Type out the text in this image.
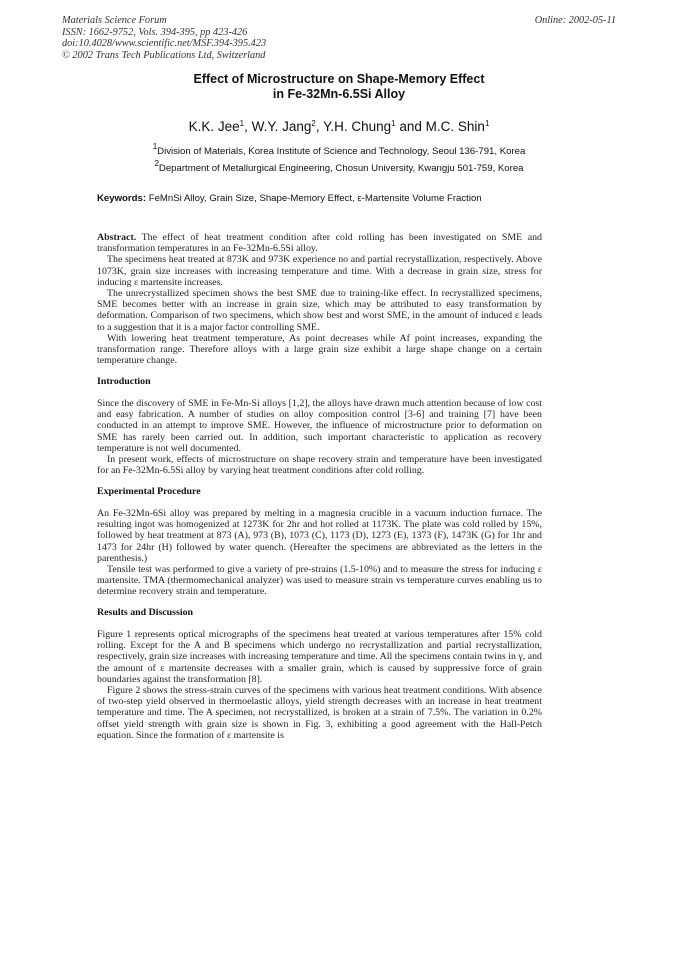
Materials Science Forum
ISSN: 1662-9752, Vols. 394-395, pp 423-426
doi:10.4028/www.scientific.net/MSF.394-395.423
© 2002 Trans Tech Publications Ltd, Switzerland
Online: 2002-05-11
Effect of Microstructure on Shape-Memory Effect
in Fe-32Mn-6.5Si Alloy
K.K. Jee$^1$, W.Y. Jang$^2$, Y.H. Chung$^1$ and M.C. Shin$^1$
$^1$Division of Materials, Korea Institute of Science and Technology, Seoul 136-791, Korea
$^2$Department of Metallurgical Engineering, Chosun University, Kwangju 501-759, Korea
Keywords: FeMnSi Alloy, Grain Size, Shape-Memory Effect, ε-Martensite Volume Fraction

Abstract. The effect of heat treatment condition after cold rolling has been investigated on SME and transformation temperatures in an Fe-32Mn-6.5Si alloy.

The specimens heat treated at 873K and 973K experience no and partial recrystallization, respectively. Above 1073K, grain size increases with increasing temperature and time. With a decrease in grain size, stress for inducing ε martensite increases.

The unrecrystallized specimen shows the best SME due to training-like effect. In recrystallized specimens, SME becomes better with an increase in grain size, which may be attributed to easy transformation by deformation. Comparison of two specimens, which show best and worst SME, in the amount of induced ε leads to a suggestion that it is a major factor controlling SME.

With lowering heat treatment temperature, As point decreases while Af point increases, expanding the transformation range. Therefore alloys with a large grain size exhibit a large shape change on a certain temperature change.

Introduction

Since the discovery of SME in Fe-Mn-Si alloys [1,2], the alloys have drawn much attention because of low cost and easy fabrication. A number of studies on alloy composition control [3-6] and training [7] have been conducted in an attempt to improve SME. However, the influence of microstructure prior to deformation on SME has rarely been carried out. In addition, such important characteristic to application as recovery temperature is not well documented.

In present work, effects of microstructure on shape recovery strain and temperature have been investigated for an Fe-32Mn-6.5Si alloy by varying heat treatment conditions after cold rolling.

Experimental Procedure

An Fe-32Mn-6Si alloy was prepared by melting in a magnesia crucible in a vacuum induction furnace. The resulting ingot was homogenized at 1273K for 2hr and hot rolled at 1173K. The plate was cold rolled by 15%, followed by heat treatment at 873 (A), 973 (B), 1073 (C), 1173 (D), 1273 (E), 1373 (F), 1473K (G) for 1hr and 1473 for 24hr (H) followed by water quench. (Hereafter the specimens are abbreviated as the letters in the parenthesis.)

Tensile test was performed to give a variety of pre-strains (1.5-10%) and to measure the stress for inducing ε martensite. TMA (thermomechanical analyzer) was used to measure strain vs temperature curves enabling us to determine recovery strain and temperature.

Results and Discussion

Figure 1 represents optical micrographs of the specimens heat treated at various temperatures after 15% cold rolling. Except for the A and B specimens which undergo no recrystallization and partial recrystallization, respectively, grain size increases with increasing temperature and time. All the specimens contain twins in γ, and the amount of ε martensite decreases with a smaller grain, which is caused by suppressive force of grain boundaries against the transformation [8].

Figure 2 shows the stress-strain curves of the specimens with various heat treatment conditions. With absence of two-step yield observed in thermoelastic alloys, yield strength decreases with an increase in heat treatment temperature and time. The A specimen, not recrystallized, is broken at a strain of 7.5%. The variation in 0.2% offset yield strength with grain size is shown in Fig. 3, exhibiting a good agreement with the Hall-Petch equation. Since the formation of ε martensite is
